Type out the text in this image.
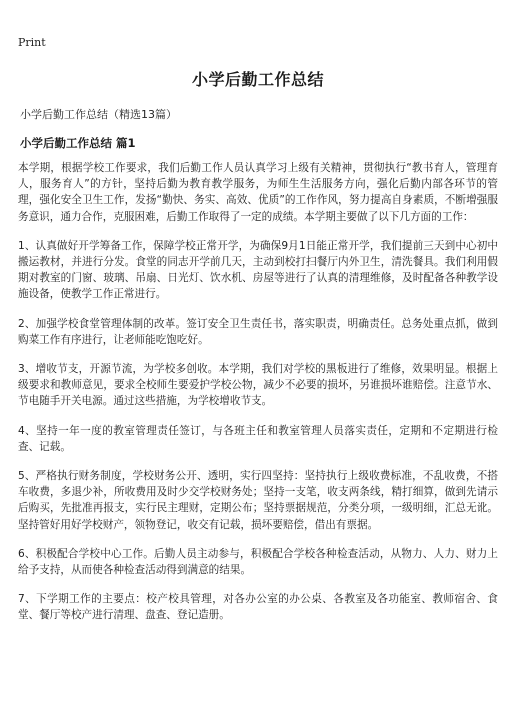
Print
小学后勤工作总结
小学后勤工作总结（精选13篇）
小学后勤工作总结 篇1

本学期，根据学校工作要求，我们后勤工作人员认真学习上级有关精神，贯彻执行“教书育人，管理育人，服务育人”的方针，坚持后勤为教育教学服务，为师生生活服务方向，强化后勤内部各环节的管理，强化安全卫生工作，发扬“勤快、务实、高效、优质”的工作作风，努力提高自身素质，不断增强服务意识，通力合作，克服困难，后勤工作取得了一定的成绩。本学期主要做了以下几方面的工作：

1、认真做好开学筹备工作，保障学校正常开学，为确保9月1日能正常开学，我们提前三天到中心初中搬运教材，并进行分发。食堂的同志开学前几天，主动到校打扫餐厅内外卫生，清洗餐具。我们利用假期对教室的门窗、玻璃、吊扇、日光灯、饮水机、房屋等进行了认真的清理维修，及时配备各种教学设施设备，使教学工作正常进行。

2、加强学校食堂管理体制的改革。签订安全卫生责任书，落实职责，明确责任。总务处重点抓，做到购菜工作有序进行，让老师能吃饱吃好。

3、增收节支，开源节流，为学校多创收。本学期，我们对学校的黑板进行了维修，效果明显。根据上级要求和教师意见，要求全校师生要爱护学校公物，减少不必要的损坏，另谁损坏谁赔偿。注意节水、节电随手开关电源。通过这些措施，为学校增收节支。

4、坚持一年一度的教室管理责任签订，与各班主任和教室管理人员落实责任，定期和不定期进行检查、记载。

5、严格执行财务制度，学校财务公开、透明，实行四坚持：坚持执行上级收费标准，不乱收费，不搭车收费，多退少补，所收费用及时少交学校财务处；坚持一支笔，收支两条线，精打细算，做到先请示后购买，先批准再报支，实行民主理财，定期公布；坚持票据规范，分类分项，一级明细，汇总无讹。坚持管好用好学校财产，领物登记，收交有记载，损坏要赔偿，借出有票据。

6、积极配合学校中心工作。后勤人员主动参与，积极配合学校各种检查活动，从物力、人力、财力上给予支持，从而使各种检查活动得到满意的结果。

7、下学期工作的主要点：校产校具管理，对各办公室的办公桌、各教室及各功能室、教师宿舍、食堂、餐厅等校产进行清理、盘查、登记造册。
